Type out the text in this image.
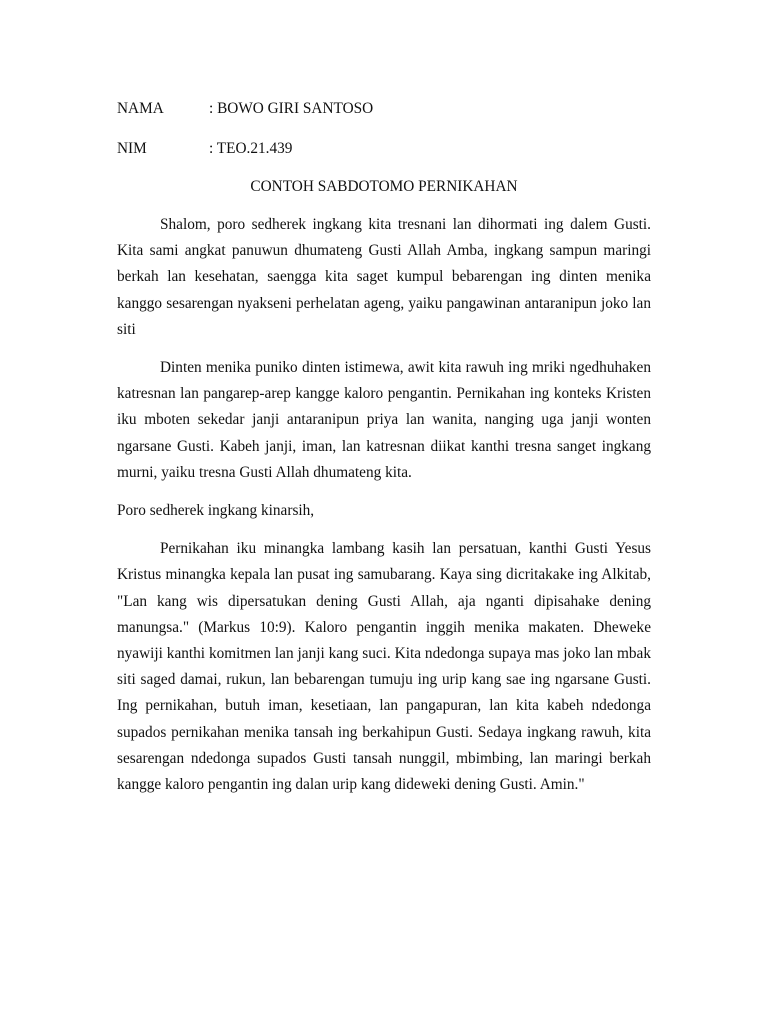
NAMA	: BOWO GIRI SANTOSO
NIM	: TEO.21.439
CONTOH SABDOTOMO PERNIKAHAN

Shalom, poro sedherek ingkang kita tresnani lan dihormati ing dalem Gusti. Kita sami angkat panuwun dhumateng Gusti Allah Amba, ingkang sampun maringi berkah lan kesehatan, saengga kita saget kumpul bebarengan ing dinten menika kanggo sesarengan nyakseni perhelatan ageng, yaiku pangawinan antaranipun joko lan siti

Dinten menika puniko dinten istimewa, awit kita rawuh ing mriki ngedhuhaken katresnan lan pangarep-arep kangge kaloro pengantin. Pernikahan ing konteks Kristen iku mboten sekedar janji antaranipun priya lan wanita, nanging uga janji wonten ngarsane Gusti. Kabeh janji, iman, lan katresnan diikat kanthi tresna sanget ingkang murni, yaiku tresna Gusti Allah dhumateng kita.

Poro sedherek ingkang kinarsih,

Pernikahan iku minangka lambang kasih lan persatuan, kanthi Gusti Yesus Kristus minangka kepala lan pusat ing samubarang. Kaya sing dicritakake ing Alkitab, "Lan kang wis dipersatukan dening Gusti Allah, aja nganti dipisahake dening manungsa." (Markus 10:9). Kaloro pengantin inggih menika makaten. Dheweke nyawiji kanthi komitmen lan janji kang suci. Kita ndedonga supaya mas joko lan mbak siti saged damai, rukun, lan bebarengan tumuju ing urip kang sae ing ngarsane Gusti. Ing pernikahan, butuh iman, kesetiaan, lan pangapuran, lan kita kabeh ndedonga supados pernikahan menika tansah ing berkahipun Gusti. Sedaya ingkang rawuh, kita sesarengan ndedonga supados Gusti tansah nunggil, mbimbing, lan maringi berkah kangge kaloro pengantin ing dalan urip kang dideweki dening Gusti. Amin."
